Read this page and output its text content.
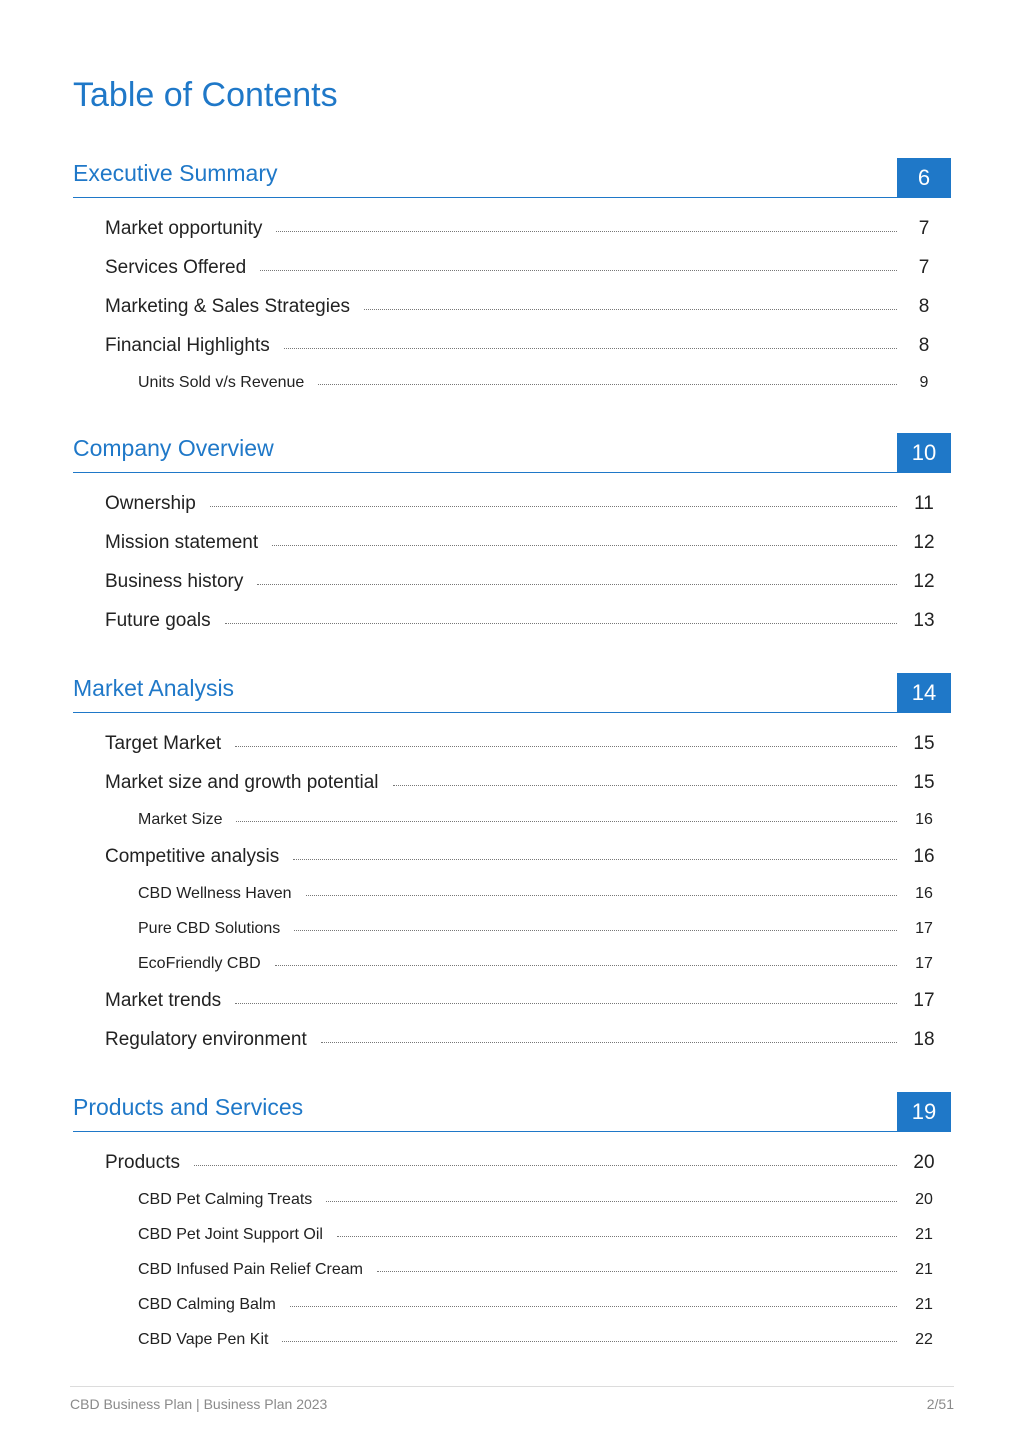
Table of Contents
Executive Summary	6
Market opportunity	7
Services Offered	7
Marketing & Sales Strategies	8
Financial Highlights	8
Units Sold v/s Revenue	9
Company Overview	10
Ownership	11
Mission statement	12
Business history	12
Future goals	13
Market Analysis	14
Target Market	15
Market size and growth potential	15
Market Size	16
Competitive analysis	16
CBD Wellness Haven	16
Pure CBD Solutions	17
EcoFriendly CBD	17
Market trends	17
Regulatory environment	18
Products and Services	19
Products	20
CBD Pet Calming Treats	20
CBD Pet Joint Support Oil	21
CBD Infused Pain Relief Cream	21
CBD Calming Balm	21
CBD Vape Pen Kit	22
CBD Business Plan | Business Plan 2023	2/51
